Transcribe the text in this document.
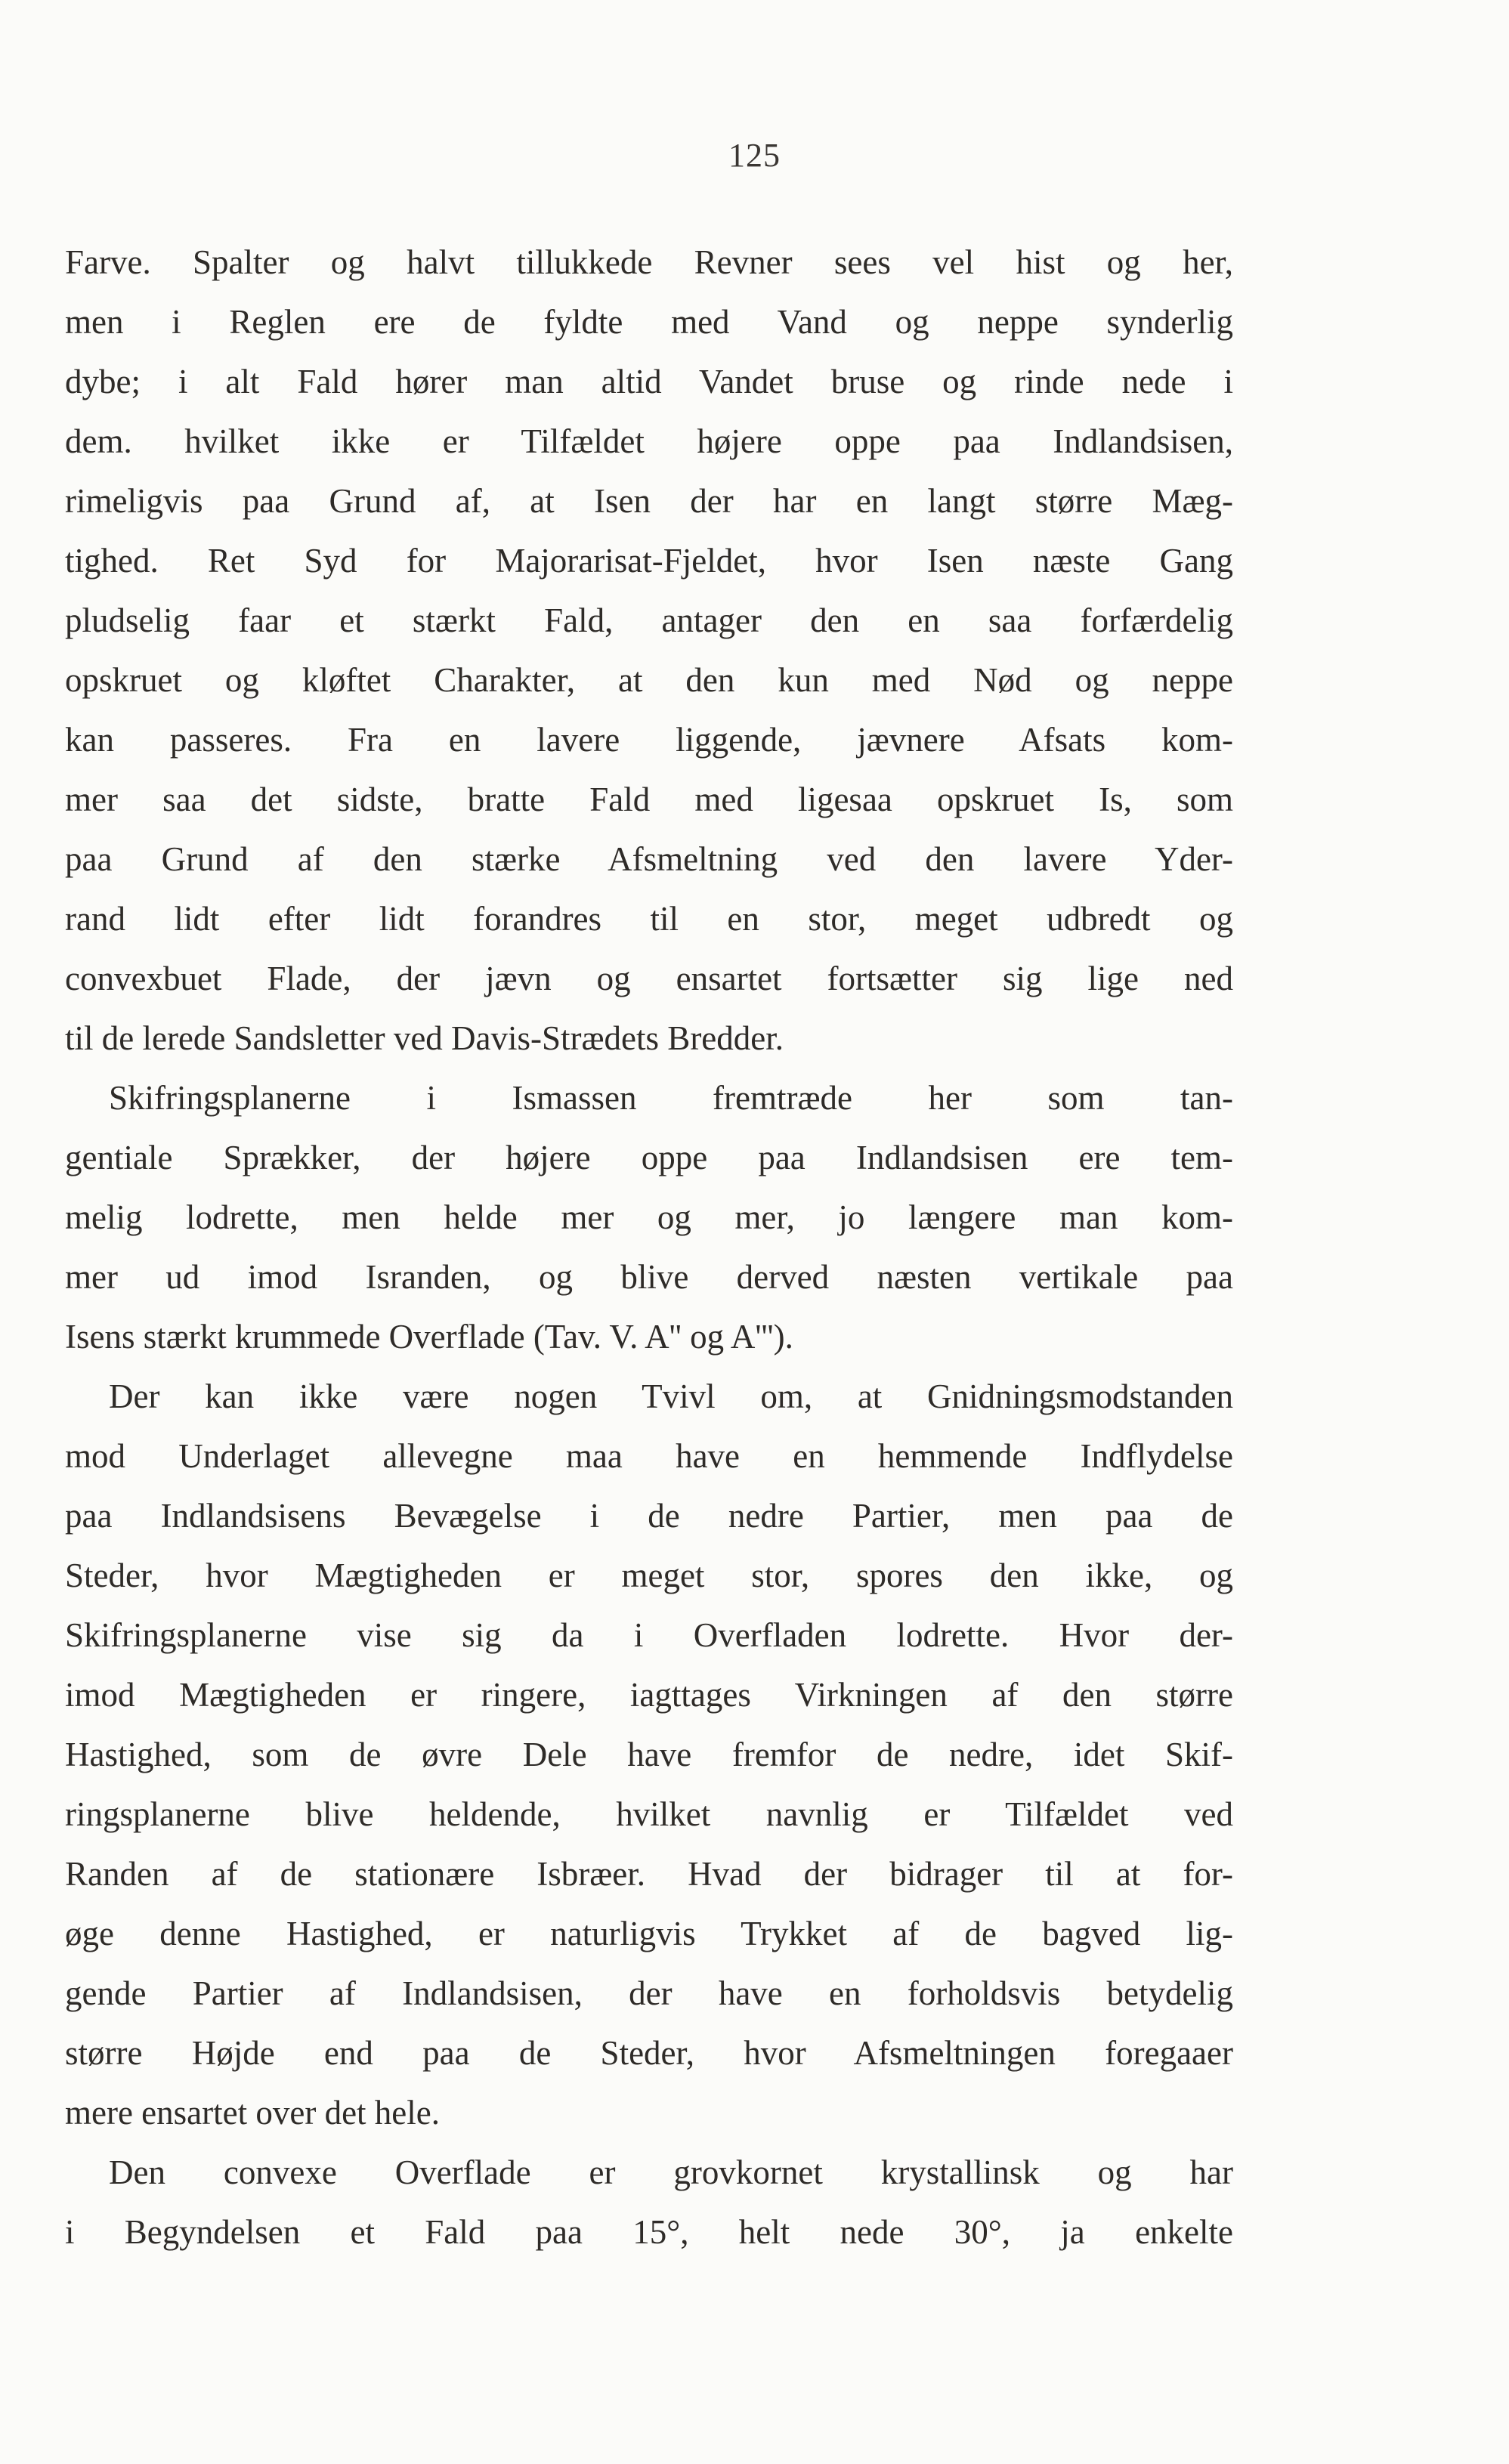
125
Farve. Spalter og halvt tillukkede Revner sees vel hist og her,
men i Reglen ere de fyldte med Vand og neppe synderlig
dybe; i alt Fald hører man altid Vandet bruse og rinde nede i
dem. hvilket ikke er Tilfældet højere oppe paa Indlandsisen,
rimeligvis paa Grund af, at Isen der har en langt større Mæg-
tighed. Ret Syd for Majorarisat-Fjeldet, hvor Isen næste Gang
pludselig faar et stærkt Fald, antager den en saa forfærdelig
opskruet og kløftet Charakter, at den kun med Nød og neppe
kan passeres. Fra en lavere liggende, jævnere Afsats kom-
mer saa det sidste, bratte Fald med ligesaa opskruet Is, som
paa Grund af den stærke Afsmeltning ved den lavere Yder-
rand lidt efter lidt forandres til en stor, meget udbredt og
convexbuet Flade, der jævn og ensartet fortsætter sig lige ned
til de lerede Sandsletter ved Davis-Strædets Bredder.
Skifringsplanerne i Ismassen fremtræde her som tan-
gentiale Sprækker, der højere oppe paa Indlandsisen ere tem-
melig lodrette, men helde mer og mer, jo længere man kom-
mer ud imod Isranden, og blive derved næsten vertikale paa
Isens stærkt krummede Overflade (Tav. V. A'' og A''').
Der kan ikke være nogen Tvivl om, at Gnidningsmodstanden
mod Underlaget allevegne maa have en hemmende Indflydelse
paa Indlandsisens Bevægelse i de nedre Partier, men paa de
Steder, hvor Mægtigheden er meget stor, spores den ikke, og
Skifringsplanerne vise sig da i Overfladen lodrette. Hvor der-
imod Mægtigheden er ringere, iagttages Virkningen af den større
Hastighed, som de øvre Dele have fremfor de nedre, idet Skif-
ringsplanerne blive heldende, hvilket navnlig er Tilfældet ved
Randen af de stationære Isbræer. Hvad der bidrager til at for-
øge denne Hastighed, er naturligvis Trykket af de bagved lig-
gende Partier af Indlandsisen, der have en forholdsvis betydelig
større Højde end paa de Steder, hvor Afsmeltningen foregaaer
mere ensartet over det hele.
Den convexe Overflade er grovkornet krystallinsk og har
i Begyndelsen et Fald paa 15°, helt nede 30°, ja enkelte
